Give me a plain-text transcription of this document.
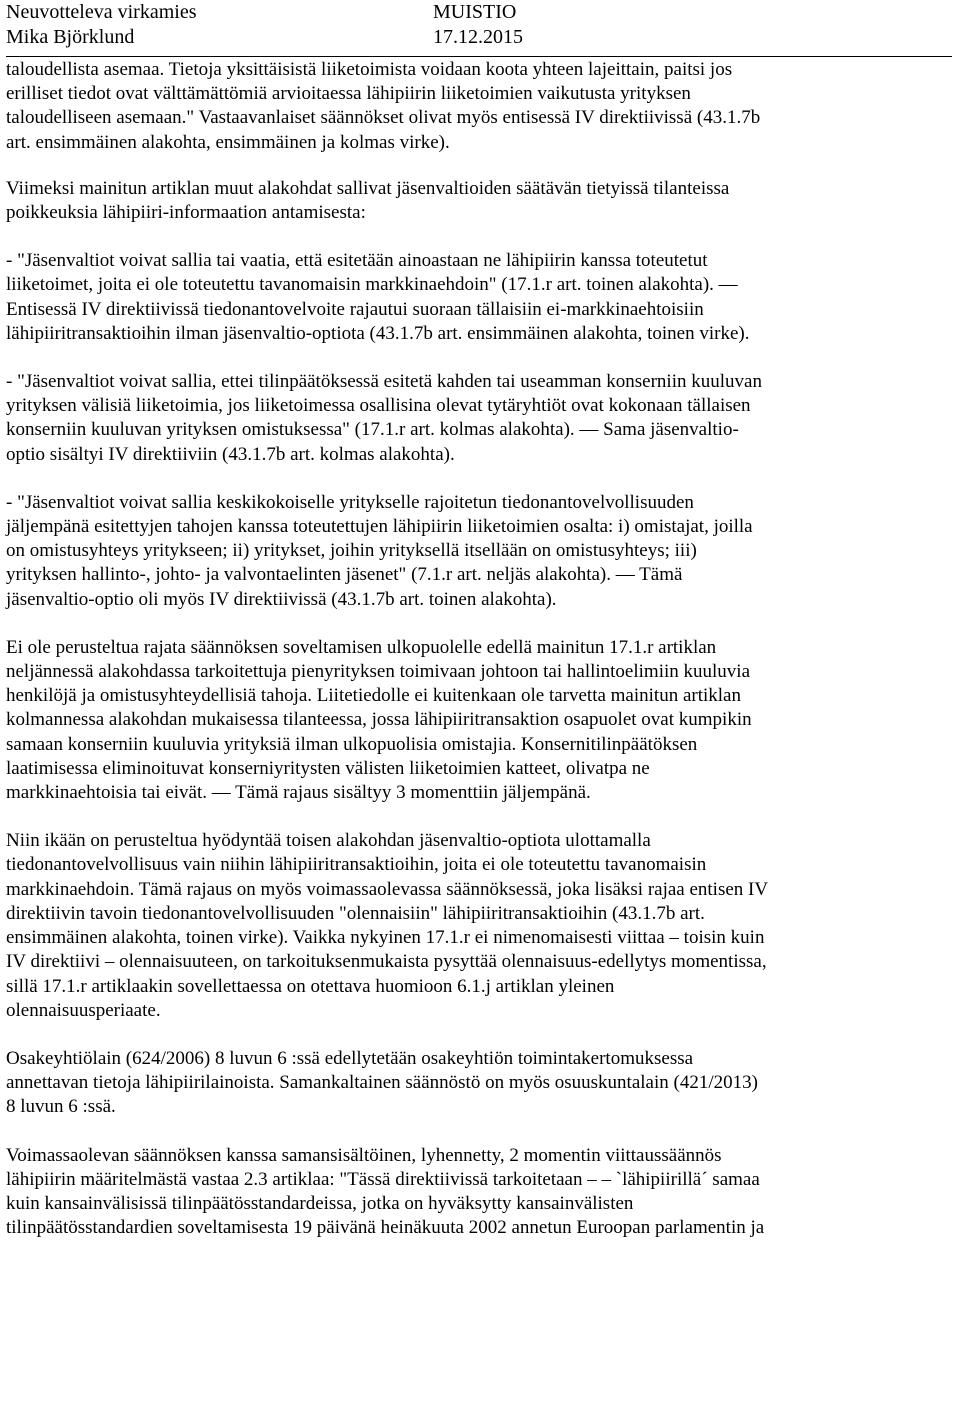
Neuvotteleva virkamies
Mika Björklund
MUISTIO
17.12.2015
taloudellista asemaa. Tietoja yksittäisistä liiketoimista voidaan koota yhteen lajeittain, paitsi jos
erilliset tiedot ovat välttämättömiä arvioitaessa lähipiirin liiketoimien vaikutusta yrityksen
taloudelliseen asemaan." Vastaavanlaiset säännökset olivat myös entisessä IV direktiivissä (43.1.7b
art. ensimmäinen alakohta, ensimmäinen ja kolmas virke).
Viimeksi mainitun artiklan muut alakohdat sallivat jäsenvaltioiden säätävän tietyissä tilanteissa
poikkeuksia lähipiiri-informaation antamisesta:
- "Jäsenvaltiot voivat sallia tai vaatia, että esitetään ainoastaan ne lähipiirin kanssa toteutetut
liiketoimet, joita ei ole toteutettu tavanomaisin markkinaehdoin" (17.1.r art. toinen alakohta). —
Entisessä IV direktiivissä tiedonantovelvoite rajautui suoraan tällaisiin ei-markkinaehtoisiin
lähipiiritransaktioihin ilman jäsenvaltio-optiota (43.1.7b art. ensimmäinen alakohta, toinen virke).
- "Jäsenvaltiot voivat sallia, ettei tilinpäätöksessä esitetä kahden tai useamman konserniin kuuluvan
yrityksen välisiä liiketoimia, jos liiketoimessa osallisina olevat tytäryhtiöt ovat kokonaan tällaisen
konserniin kuuluvan yrityksen omistuksessa" (17.1.r art. kolmas alakohta). — Sama jäsenvaltio-
optio sisältyi IV direktiiviin (43.1.7b art. kolmas alakohta).
- "Jäsenvaltiot voivat sallia keskikokoiselle yritykselle rajoitetun tiedonantovelvollisuuden
jäljempänä esitettyjen tahojen kanssa toteutettujen lähipiirin liiketoimien osalta: i) omistajat, joilla
on omistusyhteys yritykseen; ii) yritykset, joihin yrityksellä itsellään on omistusyhteys; iii)
yrityksen hallinto-, johto- ja valvontaelinten jäsenet" (7.1.r art. neljäs alakohta). — Tämä
jäsenvaltio-optio oli myös IV direktiivissä (43.1.7b art. toinen alakohta).
Ei ole perusteltua rajata säännöksen soveltamisen ulkopuolelle edellä mainitun 17.1.r artiklan
neljännessä alakohdassa tarkoitettuja pienyrityksen toimivaan johtoon tai hallintoelimiin kuuluvia
henkilöjä ja omistusyhteydellisiä tahoja. Liitetiedolle ei kuitenkaan ole tarvetta mainitun artiklan
kolmannessa alakohdan mukaisessa tilanteessa, jossa lähipiiritransaktion osapuolet ovat kumpikin
samaan konserniin kuuluvia yrityksiä ilman ulkopuolisia omistajia. Konsernitilinpäätöksen
laatimisessa eliminoituvat konserniyritysten välisten liiketoimien katteet, olivatpa ne
markkinaehtoisia tai eivät. — Tämä rajaus sisältyy 3 momenttiin jäljempänä.
Niin ikään on perusteltua hyödyntää toisen alakohdan jäsenvaltio-optiota ulottamalla
tiedonantovelvollisuus vain niihin lähipiiritransaktioihin, joita ei ole toteutettu tavanomaisin
markkinaehdoin. Tämä rajaus on myös voimassaolevassa säännöksessä, joka lisäksi rajaa entisen IV
direktiivin tavoin tiedonantovelvollisuuden "olennaisiin" lähipiiritransaktioihin (43.1.7b art.
ensimmäinen alakohta, toinen virke). Vaikka nykyinen 17.1.r ei nimenomaisesti viittaa – toisin kuin
IV direktiivi – olennaisuuteen, on tarkoituksenmukaista pysyttää olennaisuus-edellytys momentissa,
sillä 17.1.r artiklaakin sovellettaessa on otettava huomioon 6.1.j artiklan yleinen
olennaisuusperiaate.
Osakeyhtiölain (624/2006) 8 luvun 6 :ssä edellytetään osakeyhtiön toimintakertomuksessa
annettavan tietoja lähipiirilainoista. Samankaltainen säännöstö on myös osuuskuntalain (421/2013)
8 luvun 6 :ssä.
Voimassaolevan säännöksen kanssa samansisältöinen, lyhennetty, 2 momentin viittaussäännös
lähipiirin määritelmästä vastaa 2.3 artiklaa: "Tässä direktiivissä tarkoitetaan – – `lähipiirillä´ samaa
kuin kansainvälisissä tilinpäätösstandardeissa, jotka on hyväksytty kansainvälisten
tilinpäätösstandardien soveltamisesta 19 päivänä heinäkuuta 2002 annetun Euroopan parlamentin ja
